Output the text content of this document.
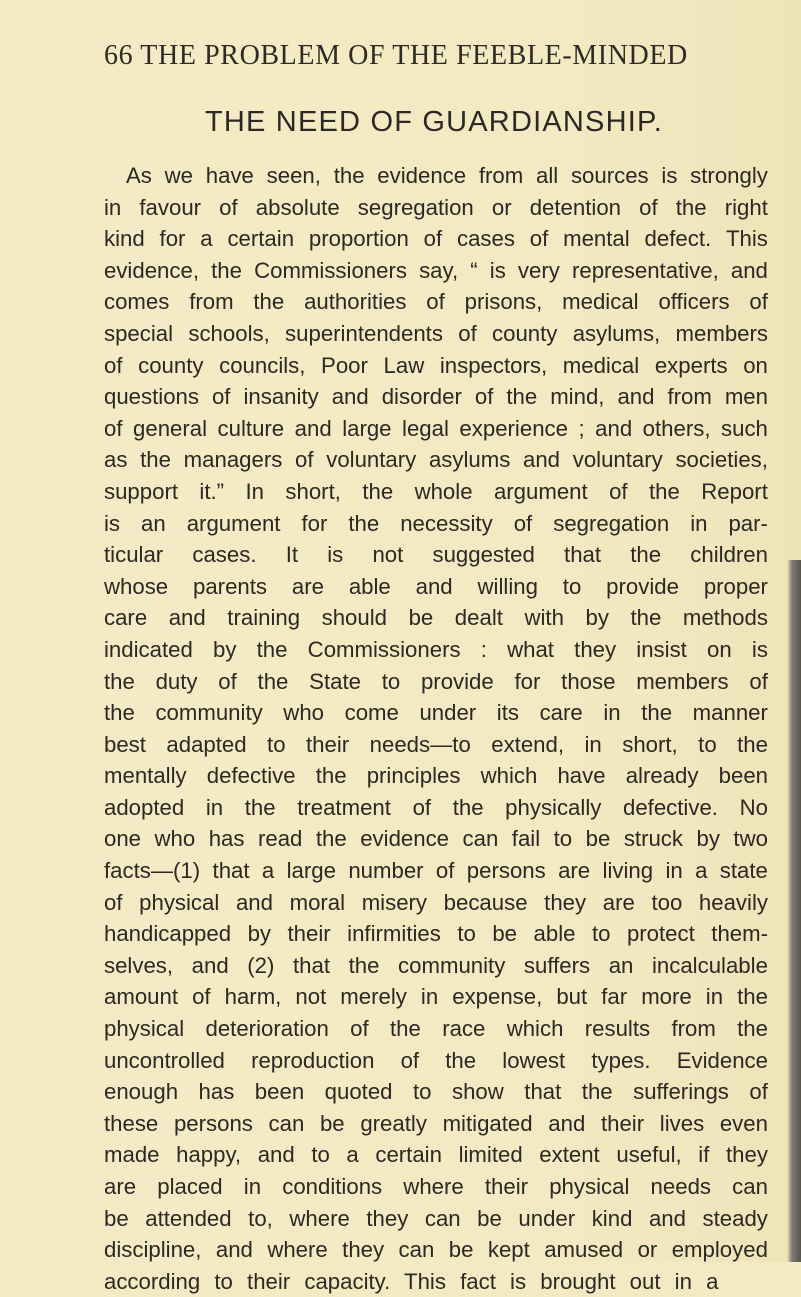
66 THE PROBLEM OF THE FEEBLE-MINDED
THE NEED OF GUARDIANSHIP.
As we have seen, the evidence from all sources is strongly
in favour of absolute segregation or detention of the right
kind for a certain proportion of cases of mental defect. This
evidence, the Commissioners say, “ is very representative, and
comes from the authorities of prisons, medical officers of
special schools, superintendents of county asylums, members
of county councils, Poor Law inspectors, medical experts on
questions of insanity and disorder of the mind, and from men
of general culture and large legal experience ; and others, such
as the managers of voluntary asylums and voluntary societies,
support it.” In short, the whole argument of the Report
is an argument for the necessity of segregation in par-
ticular cases. It is not suggested that the children
whose parents are able and willing to provide proper
care and training should be dealt with by the methods
indicated by the Commissioners : what they insist on is
the duty of the State to provide for those members of
the community who come under its care in the manner
best adapted to their needs—to extend, in short, to the
mentally defective the principles which have already been
adopted in the treatment of the physically defective. No
one who has read the evidence can fail to be struck by two
facts—(1) that a large number of persons are living in a state
of physical and moral misery because they are too heavily
handicapped by their infirmities to be able to protect them-
selves, and (2) that the community suffers an incalculable
amount of harm, not merely in expense, but far more in the
physical deterioration of the race which results from the
uncontrolled reproduction of the lowest types. Evidence
enough has been quoted to show that the sufferings of
these persons can be greatly mitigated and their lives even
made happy, and to a certain limited extent useful, if they
are placed in conditions where their physical needs can
be attended to, where they can be under kind and steady
discipline, and where they can be kept amused or employed
according to their capacity. This fact is brought out in a
